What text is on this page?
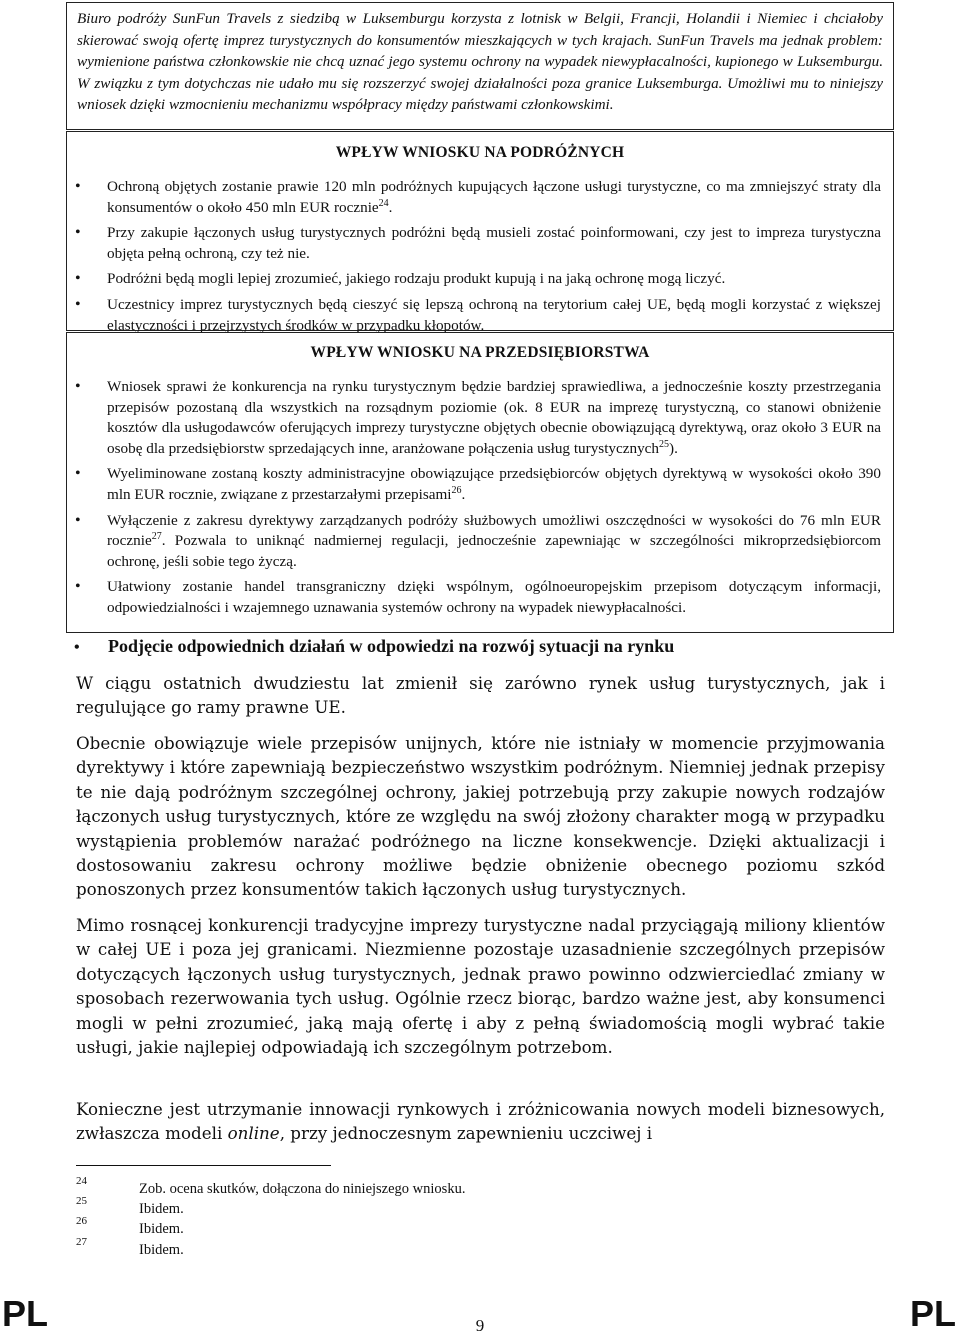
Biuro podróży SunFun Travels z siedzibą w Luksemburgu korzysta z lotnisk w Belgii, Francji, Holandii i Niemiec i chciałoby skierować swoją ofertę imprez turystycznych do konsumentów mieszkających w tych krajach. SunFun Travels ma jednak problem: wymienione państwa członkowskie nie chcą uznać jego systemu ochrony na wypadek niewypłacalności, kupionego w Luksemburgu. W związku z tym dotychczas nie udało mu się rozszerzyć swojej działalności poza granice Luksemburga. Umożliwi mu to niniejszy wniosek dzięki wzmocnieniu mechanizmu współpracy między państwami członkowskimi.

WPŁYW WNIOSKU NA PODRÓŻNYCH
• Ochroną objętych zostanie prawie 120 mln podróżnych kupujących łączone usługi turystyczne, co ma zmniejszyć straty dla konsumentów o około 450 mln EUR rocznie$^{24}$.
• Przy zakupie łączonych usług turystycznych podróżni będą musieli zostać poinformowani, czy jest to impreza turystyczna objęta pełną ochroną, czy też nie.
• Podróżni będą mogli lepiej zrozumieć, jakiego rodzaju produkt kupują i na jaką ochronę mogą liczyć.
• Uczestnicy imprez turystycznych będą cieszyć się lepszą ochroną na terytorium całej UE, będą mogli korzystać z większej elastyczności i przejrzystych środków w przypadku kłopotów.
WPŁYW WNIOSKU NA PRZEDSIĘBIORSTWA
• Wniosek sprawi że konkurencja na rynku turystycznym będzie bardziej sprawiedliwa, a jednocześnie koszty przestrzegania przepisów pozostaną dla wszystkich na rozsądnym poziomie (ok. 8 EUR na imprezę turystyczną, co stanowi obniżenie kosztów dla usługodawców oferujących imprezy turystyczne objętych obecnie obowiązującą dyrektywą, oraz około 3 EUR na osobę dla przedsiębiorstw sprzedających inne, aranżowane połączenia usług turystycznych$^{25}$).
• Wyeliminowane zostaną koszty administracyjne obowiązujące przedsiębiorców objętych dyrektywą w wysokości około 390 mln EUR rocznie, związane z przestarzałymi przepisami$^{26}$.
• Wyłączenie z zakresu dyrektywy zarządzanych podróży służbowych umożliwi oszczędności w wysokości do 76 mln EUR rocznie$^{27}$. Pozwala to uniknąć nadmiernej regulacji, jednocześnie zapewniając w szczególności mikroprzedsiębiorcom ochronę, jeśli sobie tego życzą.
• Ułatwiony zostanie handel transgraniczny dzięki wspólnym, ogólnoeuropejskim przepisom dotyczącym informacji, odpowiedzialności i wzajemnego uznawania systemów ochrony na wypadek niewypłacalności.
• Podjęcie odpowiednich działań w odpowiedzi na rozwój sytuacji na rynku

W ciągu ostatnich dwudziestu lat zmienił się zarówno rynek usług turystycznych, jak i regulujące go ramy prawne UE.

Obecnie obowiązuje wiele przepisów unijnych, które nie istniały w momencie przyjmowania dyrektywy i które zapewniają bezpieczeństwo wszystkim podróżnym. Niemniej jednak przepisy te nie dają podróżnym szczególnej ochrony, jakiej potrzebują przy zakupie nowych rodzajów łączonych usług turystycznych, które ze względu na swój złożony charakter mogą w przypadku wystąpienia problemów narażać podróżnego na liczne konsekwencje. Dzięki aktualizacji i dostosowaniu zakresu ochrony możliwe będzie obniżenie obecnego poziomu szkód ponoszonych przez konsumentów takich łączonych usług turystycznych.

Mimo rosnącej konkurencji tradycyjne imprezy turystyczne nadal przyciągają miliony klientów w całej UE i poza jej granicami. Niezmienne pozostaje uzasadnienie szczególnych przepisów dotyczących łączonych usług turystycznych, jednak prawo powinno odzwierciedlać zmiany w sposobach rezerwowania tych usług. Ogólnie rzecz biorąc, bardzo ważne jest, aby konsumenci mogli w pełni zrozumieć, jaką mają ofertę i aby z pełną świadomością mogli wybrać takie usługi, jakie najlepiej odpowiadają ich szczególnym potrzebom.

Konieczne jest utrzymanie innowacji rynkowych i zróżnicowania nowych modeli biznesowych, zwłaszcza modeli online, przy jednoczesnym zapewnieniu uczciwej i

24	Zob. ocena skutków, dołączona do niniejszego wniosku.
25	Ibidem.
26	Ibidem.
27	Ibidem.
PL	9	PL
